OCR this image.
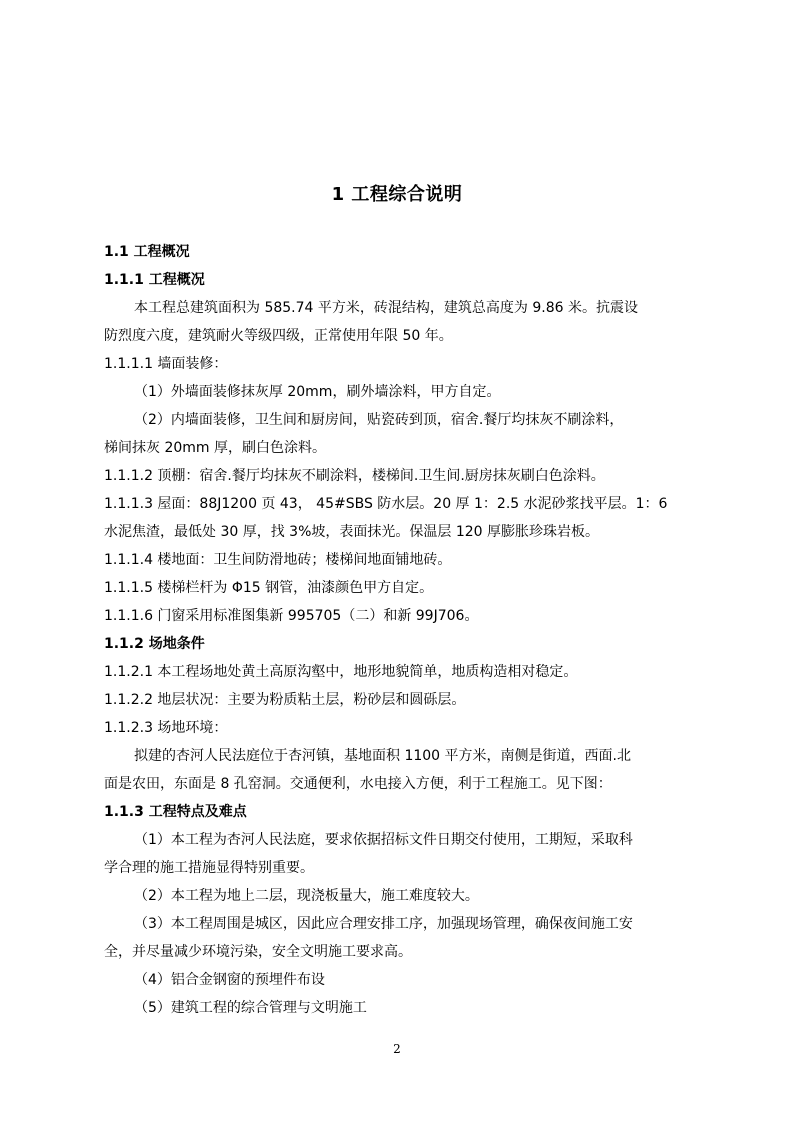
1 工程综合说明
1.1 工程概况
1.1.1 工程概况
本工程总建筑面积为 585.74 平方米，砖混结构，建筑总高度为 9.86 米。抗震设
防烈度六度，建筑耐火等级四级，正常使用年限 50 年。
1.1.1.1 墙面装修：
（1）外墙面装修抹灰厚 20mm，刷外墙涂料，甲方自定。
（2）内墙面装修，卫生间和厨房间，贴瓷砖到顶，宿舍.餐厅均抹灰不刷涂料，
梯间抹灰 20mm 厚，刷白色涂料。
1.1.1.2 顶棚：宿舍.餐厅均抹灰不刷涂料，楼梯间.卫生间.厨房抹灰刷白色涂料。
1.1.1.3 屋面：88J1200 页 43， 45#SBS 防水层。20 厚 1：2.5 水泥砂浆找平层。1：6
水泥焦渣，最低处 30 厚，找 3%坡，表面抹光。保温层 120 厚膨胀珍珠岩板。
1.1.1.4 楼地面：卫生间防滑地砖；楼梯间地面铺地砖。
1.1.1.5 楼梯栏杆为 Φ15 钢管，油漆颜色甲方自定。
1.1.1.6 门窗采用标准图集新 995705（二）和新 99J706。
1.1.2 场地条件
1.1.2.1 本工程场地处黄土高原沟壑中，地形地貌简单，地质构造相对稳定。
1.1.2.2 地层状况：主要为粉质粘土层，粉砂层和圆砾层。
1.1.2.3 场地环境：
拟建的杏河人民法庭位于杏河镇，基地面积 1100 平方米，南侧是街道，西面.北
面是农田，东面是 8 孔窑洞。交通便利，水电接入方便，利于工程施工。见下图：
1.1.3 工程特点及难点
（1）本工程为杏河人民法庭，要求依据招标文件日期交付使用，工期短，采取科
学合理的施工措施显得特别重要。
（2）本工程为地上二层，现浇板量大，施工难度较大。
（3）本工程周围是城区，因此应合理安排工序，加强现场管理，确保夜间施工安
全，并尽量减少环境污染，安全文明施工要求高。
（4）铝合金钢窗的预埋件布设
（5）建筑工程的综合管理与文明施工
2
